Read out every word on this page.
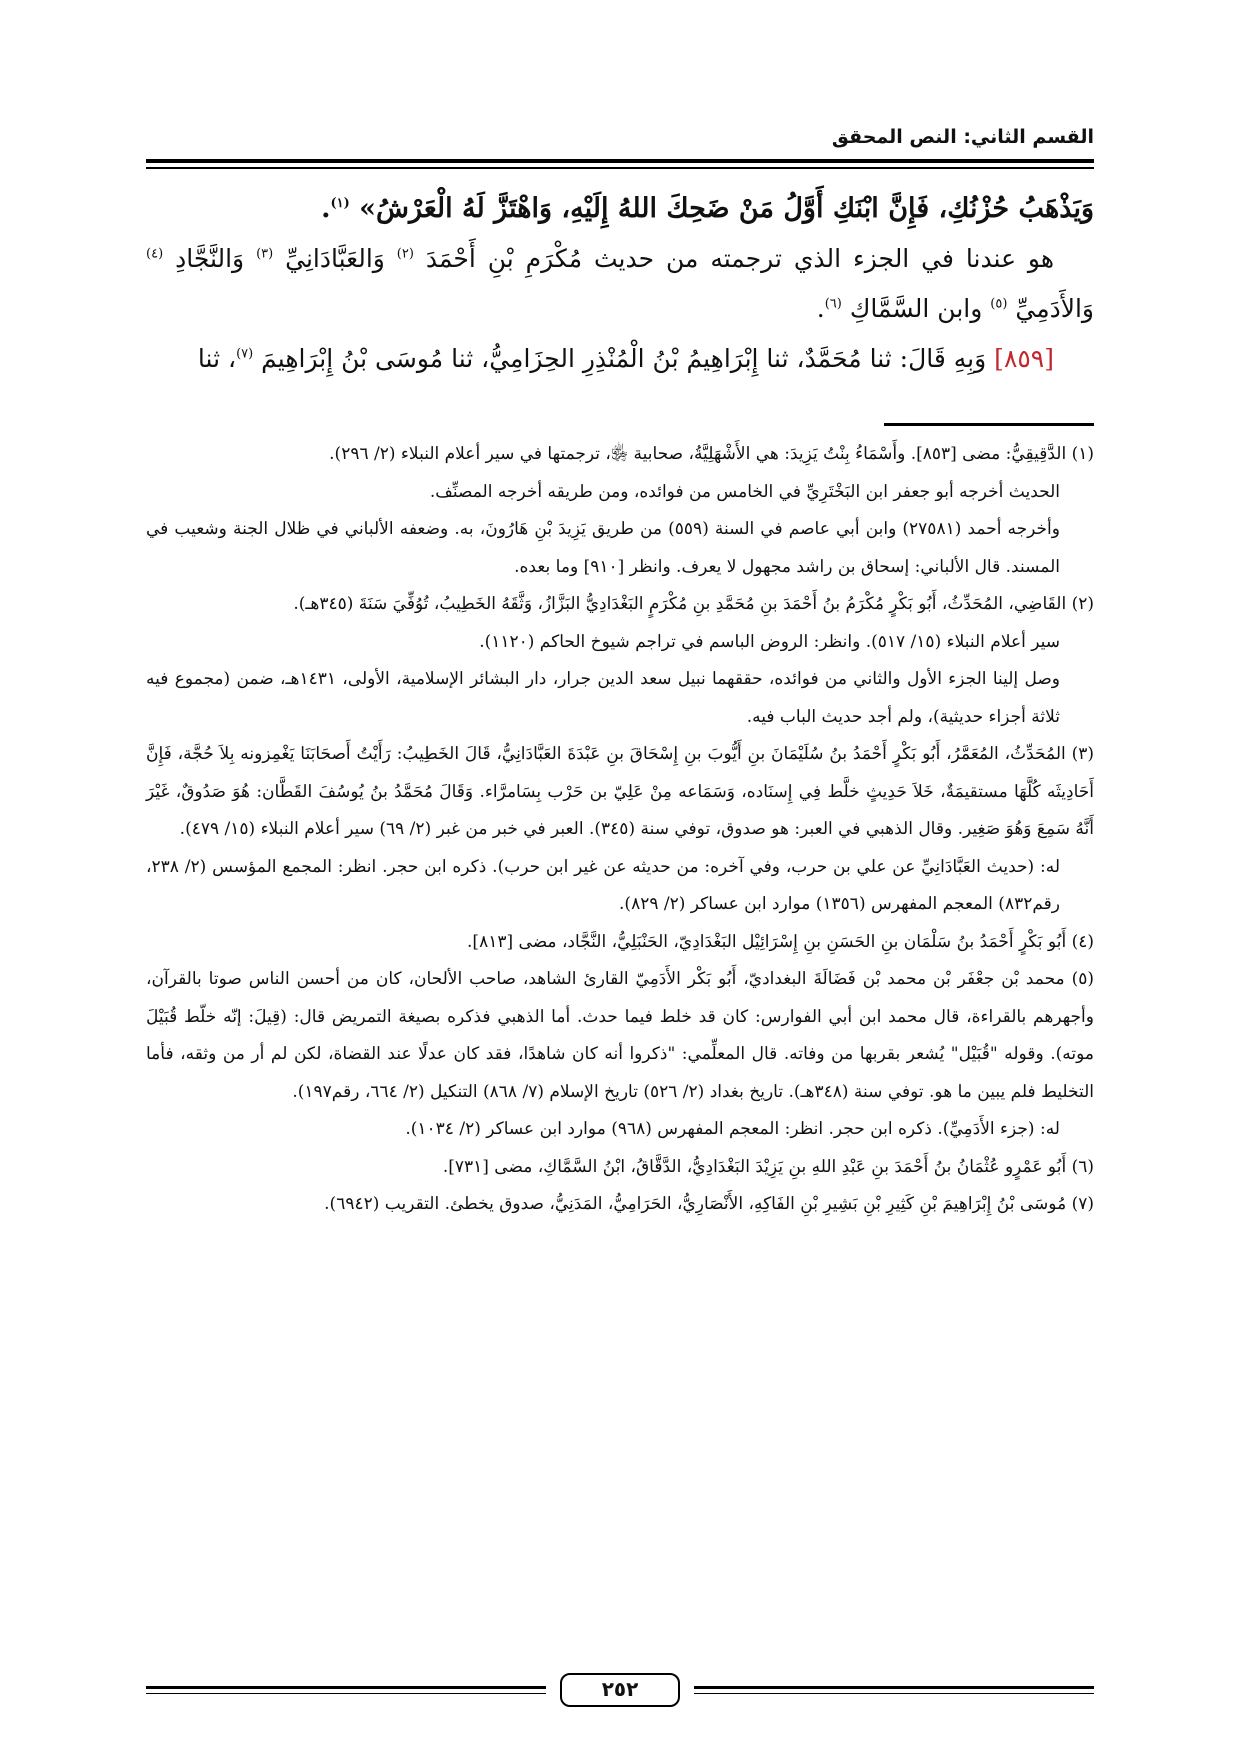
القسم الثاني: النص المحقق

وَيَذْهَبُ حُزْنُكِ، فَإِنَّ ابْنَكِ أَوَّلُ مَنْ ضَحِكَ اللهُ إِلَيْهِ، وَاهْتَزَّ لَهُ الْعَرْشُ» $^{(١)}$.

هو عندنا في الجزء الذي ترجمته من حديث مُكْرَمِ بْنِ أَحْمَدَ $^{(٢)}$ وَالعَبَّادَانِيِّ $^{(٣)}$ وَالنَّجَّادِ $^{(٤)}$ وَالأَدَمِيِّ $^{(٥)}$ وابن السَّمَّاكِ $^{(٦)}$.

[٨٥٩] وَبِهِ قَالَ: ثنا مُحَمَّدٌ، ثنا إِبْرَاهِيمُ بْنُ الْمُنْذِرِ الحِزَامِيُّ، ثنا مُوسَى بْنُ إِبْرَاهِيمَ $^{(٧)}$، ثنا

(١) الدَّقِيقِيُّ: مضى [٨٥٣]. وأَسْمَاءُ بِنْتُ يَزِيدَ: هي الأَشْهَلِيَّةُ، صحابية ﵂، ترجمتها في سير أعلام النبلاء (٢/ ٢٩٦).

الحديث أخرجه أبو جعفر ابن البَخْتَرِيِّ في الخامس من فوائده، ومن طريقه أخرجه المصنِّف.

وأخرجه أحمد (٢٧٥٨١) وابن أبي عاصم في السنة (٥٥٩) من طريق يَزِيدَ بْنِ هَارُونَ، به. وضعفه الألباني في ظلال الجنة وشعيب في المسند. قال الألباني: إسحاق بن راشد مجهول لا يعرف. وانظر [٩١٠] وما بعده.

(٢) القَاضِي، المُحَدِّثُ، أَبُو بَكْرٍ مُكْرَمُ بنُ أَحْمَدَ بنِ مُحَمَّدِ بنِ مُكْرَمٍ البَغْدَادِيُّ البَزَّازُ، وَثَّقَهُ الخَطِيبُ، تُوُفِّيَ سَنَةَ (٣٤٥هـ).

سير أعلام النبلاء (١٥/ ٥١٧). وانظر: الروض الباسم في تراجم شيوخ الحاكم (١١٢٠).

وصل إلينا الجزء الأول والثاني من فوائده، حققهما نبيل سعد الدين جرار، دار البشائر الإسلامية، الأولى، ١٤٣١هـ، ضمن (مجموع فيه ثلاثة أجزاء حديثية)، ولم أجد حديث الباب فيه.

(٣) المُحَدِّثُ، المُعَمَّرُ، أَبُو بَكْرٍ أَحْمَدُ بنُ سُلَيْمَانَ بنِ أَيُّوبَ بنِ إِسْحَاقَ بنِ عَبْدَةَ العَبَّادَانِيُّ، قَالَ الخَطِيبُ: رَأَيْتُ أَصحَابَنَا يَغْمِزونه بِلاَ حُجَّة، فَإِنَّ أَحَادِيثَه كُلَّهَا مستقيمَةٌ، خَلاَ حَدِيثٍ خلَّط فِي إِسنَاده، وَسَمَاعه مِنْ عَلِيّ بن حَرْب بِسَامرَّاء. وَقَالَ مُحَمَّدُ بنُ يُوسُفَ القَطَّان: هُوَ صَدُوقٌ، غَيْرَ أَنَّهُ سَمِعَ وَهُوَ صَغِير. وقال الذهبي في العبر: هو صدوق، توفي سنة (٣٤٥). العبر في خبر من غبر (٢/ ٦٩) سير أعلام النبلاء (١٥/ ٤٧٩).

له: (حديث العَبَّادَانِيِّ عن علي بن حرب، وفي آخره: من حديثه عن غير ابن حرب). ذكره ابن حجر. انظر: المجمع المؤسس (٢/ ٢٣٨، رقم٨٣٢) المعجم المفهرس (١٣٥٦) موارد ابن عساكر (٢/ ٨٢٩).

(٤) أَبُو بَكْرٍ أَحْمَدُ بنُ سَلْمَان بنِ الحَسَنِ بنِ إِسْرَائِيْل البَغْدَادِيّ، الحَنْبَلِيُّ، النَّجَّاد، مضى [٨١٣].

(٥) محمد بْن جعْفَر بْن محمد بْن فَضَالَةَ البغداديّ، أَبُو بَكْر الأَدَمِيّ القارئ الشاهد، صاحب الألحان، كان من أحسن الناس صوتا بالقرآن، وأجهرهم بالقراءة، قال محمد ابن أبي الفوارس: كان قد خلط فيما حدث. أما الذهبي فذكره بصيغة التمريض قال: (قِيلَ: إنّه خلّط قُبَيْلَ موته). وقوله "قُبَيْل" يُشعر بقربها من وفاته. قال المعلِّمي: "ذكروا أنه كان شاهدًا، فقد كان عدلًا عند القضاة، لكن لم أر من وثقه، فأما التخليط فلم يبين ما هو. توفي سنة (٣٤٨هـ). تاريخ بغداد (٢/ ٥٢٦) تاريخ الإسلام (٧/ ٨٦٨) التنكيل (٢/ ٦٦٤، رقم١٩٧).

له: (جزء الأَدَمِيِّ). ذكره ابن حجر. انظر: المعجم المفهرس (٩٦٨) موارد ابن عساكر (٢/ ١٠٣٤).

(٦) أَبُو عَمْرٍو عُثْمَانُ بنُ أَحْمَدَ بنِ عَبْدِ اللهِ بنِ يَزِيْدَ البَغْدَادِيُّ، الدَّقَّاقُ، ابْنُ السَّمَّاكِ، مضى [٧٣١].

(٧) مُوسَى بْنُ إِبْرَاهِيمَ بْنِ كَثِيرِ بْنِ بَشِيرِ بْنِ الفَاكِهِ، الأَنْصَارِيُّ، الحَرَامِيُّ، المَدَنِيُّ، صدوق يخطئ. التقريب (٦٩٤٢).

٢٥٢
